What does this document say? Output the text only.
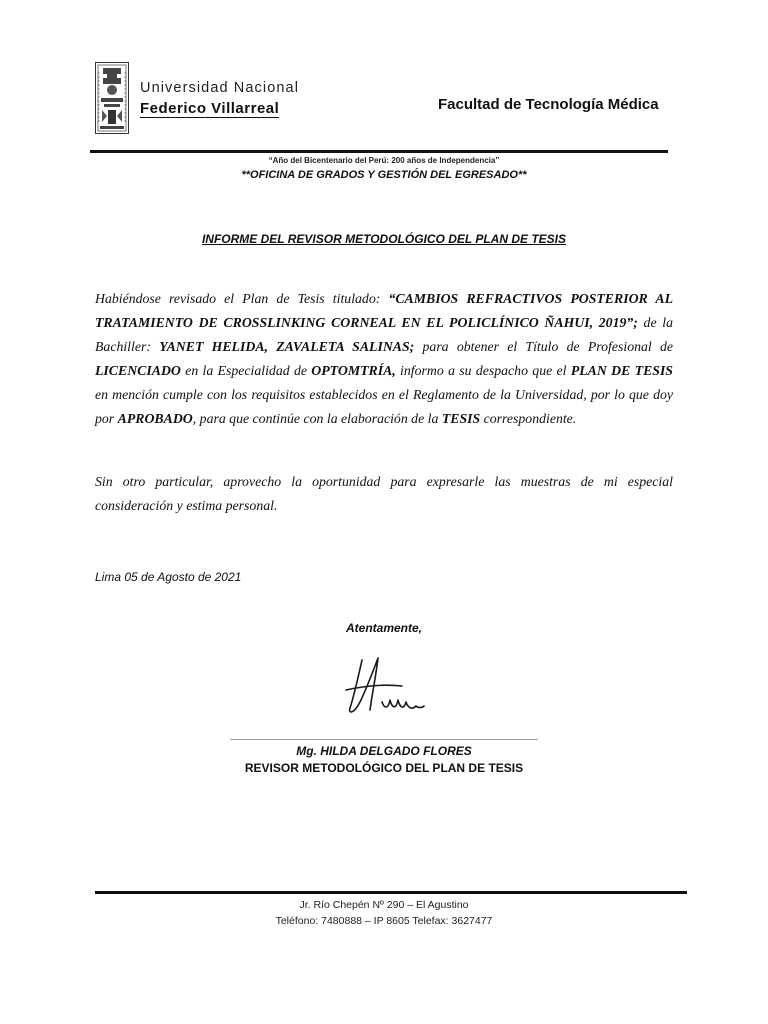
Universidad Nacional
Federico Villarreal	Facultad de Tecnología Médica
“Año del Bicentenario del Perú: 200 años de Independencia”
**OFICINA DE GRADOS Y GESTIÓN DEL EGRESADO**
INFORME DEL REVISOR METODOLÓGICO DEL PLAN DE TESIS
Habiéndose revisado el Plan de Tesis titulado: “CAMBIOS REFRACTIVOS POSTERIOR AL TRATAMIENTO DE CROSSLINKING CORNEAL EN EL POLICLÍNICO ÑAHUI, 2019”; de la Bachiller: YANET HELIDA, ZAVALETA SALINAS; para obtener el Título de Profesional de LICENCIADO en la Especialidad de OPTOMTRÍA, informo a su despacho que el PLAN DE TESIS en mención cumple con los requisitos establecidos en el Reglamento de la Universidad, por lo que doy por APROBADO, para que continúe con la elaboración de la TESIS correspondiente.
Sin otro particular, aprovecho la oportunidad para expresarle las muestras de mi especial consideración y estima personal.
Lima 05 de Agosto de 2021
Atentamente,
Mg. HILDA DELGADO FLORES
REVISOR METODOLÓGICO DEL PLAN DE TESIS
Jr. Río Chepén Nº 290 – El Agustino
Teléfono: 7480888 – IP 8605 Telefax: 3627477
